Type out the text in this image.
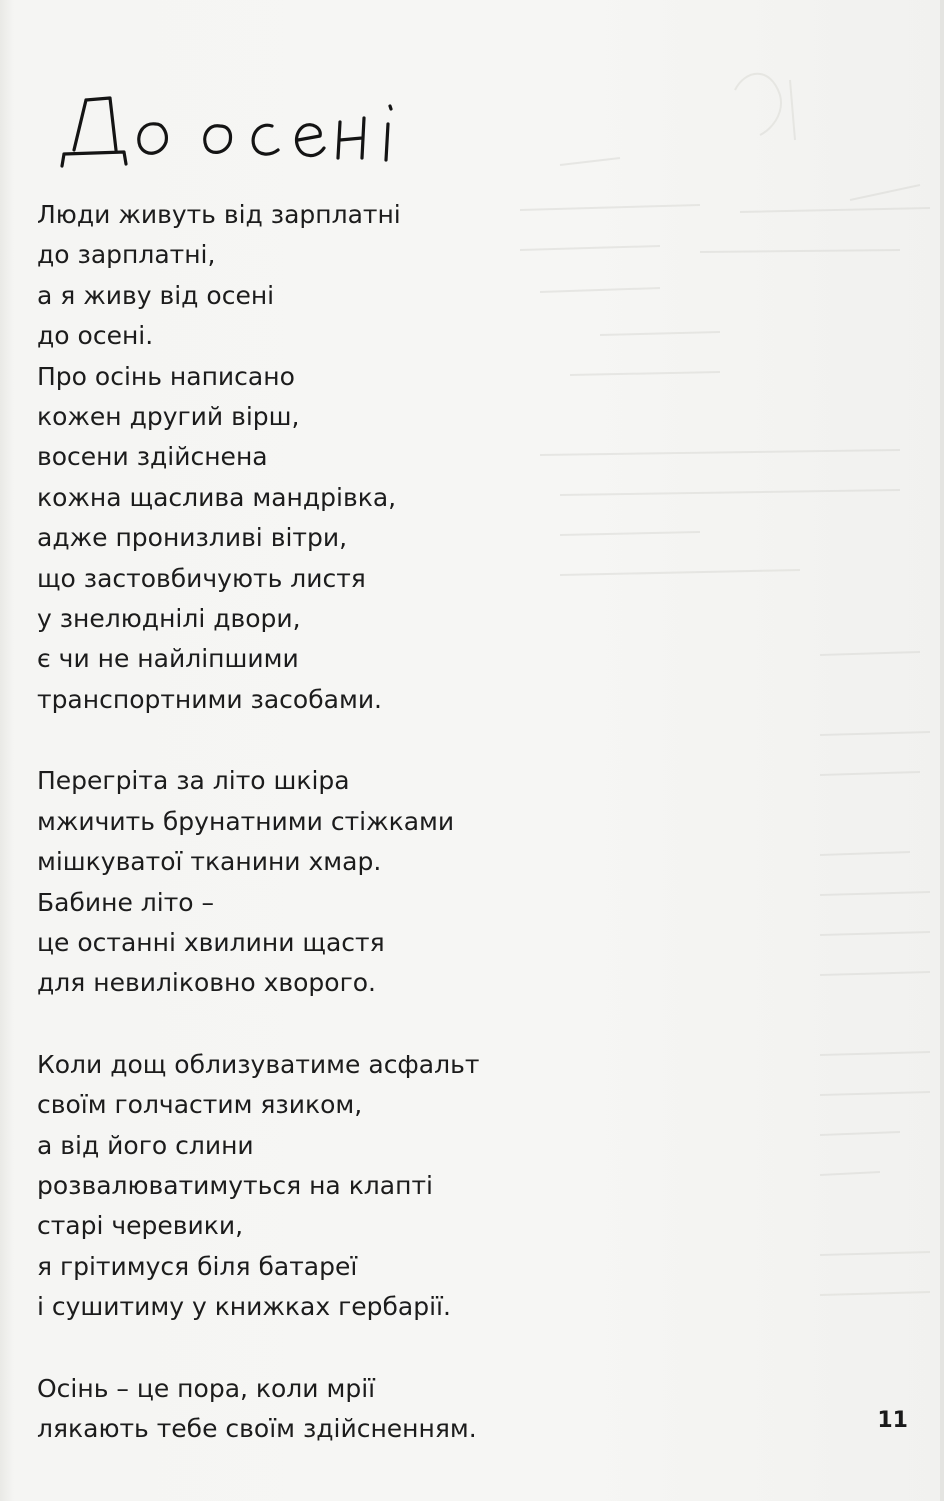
Люди живуть від зарплатні
до зарплатні,
а я живу від осені
до осені.
Про осінь написано
кожен другий вірш,
восени здійснена
кожна щаслива мандрівка,
адже пронизливі вітри,
що застовбичують листя
у знелюднілі двори,
є чи не найліпшими
транспортними засобами.
Перегріта за літо шкіра
мжичить брунатними стіжками
мішкуватої тканини хмар.
Бабине літо –
це останні хвилини щастя
для невиліковно хворого.
Коли дощ облизуватиме асфальт
своїм голчастим язиком,
а від його слини
розвалюватимуться на клапті
старі черевики,
я грітимуся біля батареї
і сушитиму у книжках гербарії.
Осінь – це пора, коли мрії
лякають тебе своїм здійсненням.	11
